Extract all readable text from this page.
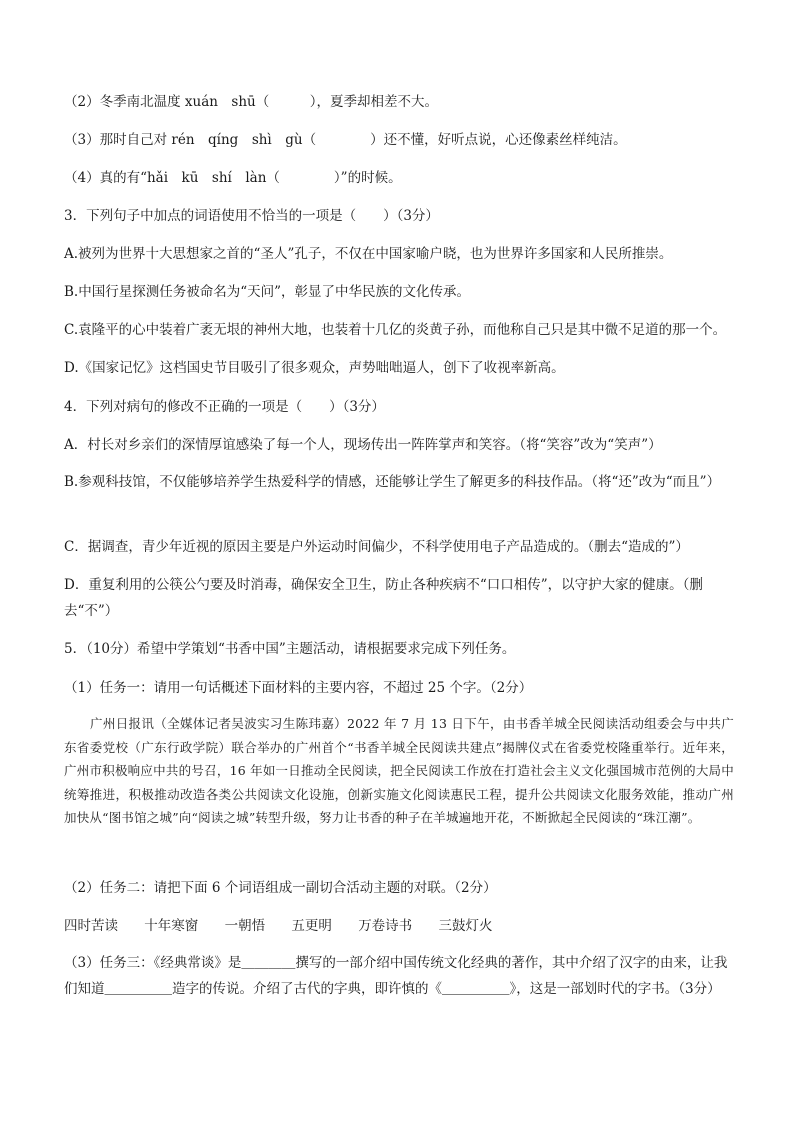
（2）冬季南北温度 xuán　shū（　　　），夏季却相差不大。
（3）那时自己对 rén　qíng　shì　gù（　　　　）还不懂，好听点说，心还像素丝样纯洁。
（4）真的有“hǎi　kū　shí　làn（　　　　）”的时候。
3．下列句子中加点的词语使用不恰当的一项是（　　）（3分）
A.被列为世界十大思想家之首的“圣人”孔子，不仅在中国家喻户晓，也为世界许多国家和人民所推崇。
B.中国行星探测任务被命名为“天问”，彰显了中华民族的文化传承。
C.袁隆平的心中装着广袤无垠的神州大地，也装着十几亿的炎黄子孙，而他称自己只是其中微不足道的那一个。
D.《国家记忆》这档国史节目吸引了很多观众，声势咄咄逼人，创下了收视率新高。
4．下列对病句的修改不正确的一项是（　　）（3分）
A．村长对乡亲们的深情厚谊感染了每一个人，现场传出一阵阵掌声和笑容。（将“笑容”改为“笑声”）
B.参观科技馆，不仅能够培养学生热爱科学的情感，还能够让学生了解更多的科技作品。（将“还”改为“而且”）
C．据调查，青少年近视的原因主要是户外运动时间偏少，不科学使用电子产品造成的。（删去“造成的”）
D．重复利用的公筷公勺要及时消毒，确保安全卫生，防止各种疾病不“口口相传”，以守护大家的健康。（删去“不”）
5．（10分）希望中学策划“书香中国”主题活动，请根据要求完成下列任务。
（1）任务一：请用一句话概述下面材料的主要内容，不超过 25 个字。（2分）
广州日报讯（全媒体记者吴波实习生陈玮嘉）2022 年 7 月 13 日下午，由书香羊城全民阅读活动组委会与中共广东省委党校（广东行政学院）联合举办的广州首个“书香羊城全民阅读共建点”揭牌仪式在省委党校隆重举行。近年来，广州市积极响应中共的号召，16 年如一日推动全民阅读，把全民阅读工作放在打造社会主义文化强国城市范例的大局中统筹推进，积极推动改造各类公共阅读文化设施，创新实施文化阅读惠民工程，提升公共阅读文化服务效能，推动广州加快从“图书馆之城”向“阅读之城”转型升级，努力让书香的种子在羊城遍地开花，不断掀起全民阅读的“珠江潮”。
（2）任务二：请把下面 6 个词语组成一副切合活动主题的对联。（2分）
四时苦读 十年寒窗 一朝悟 五更明 万卷诗书 三鼓灯火
（3）任务三：《经典常谈》是＿＿＿＿撰写的一部介绍中国传统文化经典的著作，其中介绍了汉字的由来，让我们知道＿＿＿＿＿造字的传说。介绍了古代的字典，即许慎的《＿＿＿＿＿》，这是一部划时代的字书。（3分）
